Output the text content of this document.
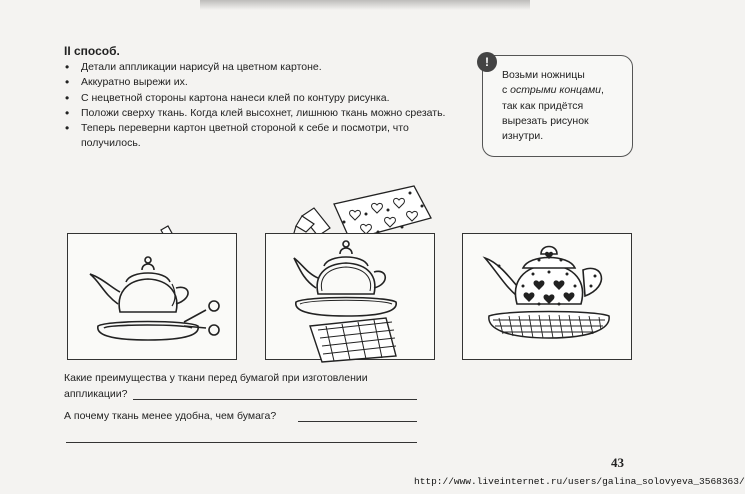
II способ.
• Детали аппликации нарисуй на цветном картоне.
• Аккуратно вырежи их.
• С нецветной стороны картона нанеси клей по контуру рисунка.
• Положи сверху ткань. Когда клей высохнет, лишнюю ткань можно срезать.
• Теперь переверни картон цветной стороной к себе и посмотри, что получилось.
!
Возьми ножницы
с острыми концами,
так как придётся
вырезать рисунок
изнутри.
Какие преимущества у ткани перед бумагой при изготовлении
аппликации?
А почему ткань менее удобна, чем бумага?
43
http://www.liveinternet.ru/users/galina_solovyeva_3568363/
